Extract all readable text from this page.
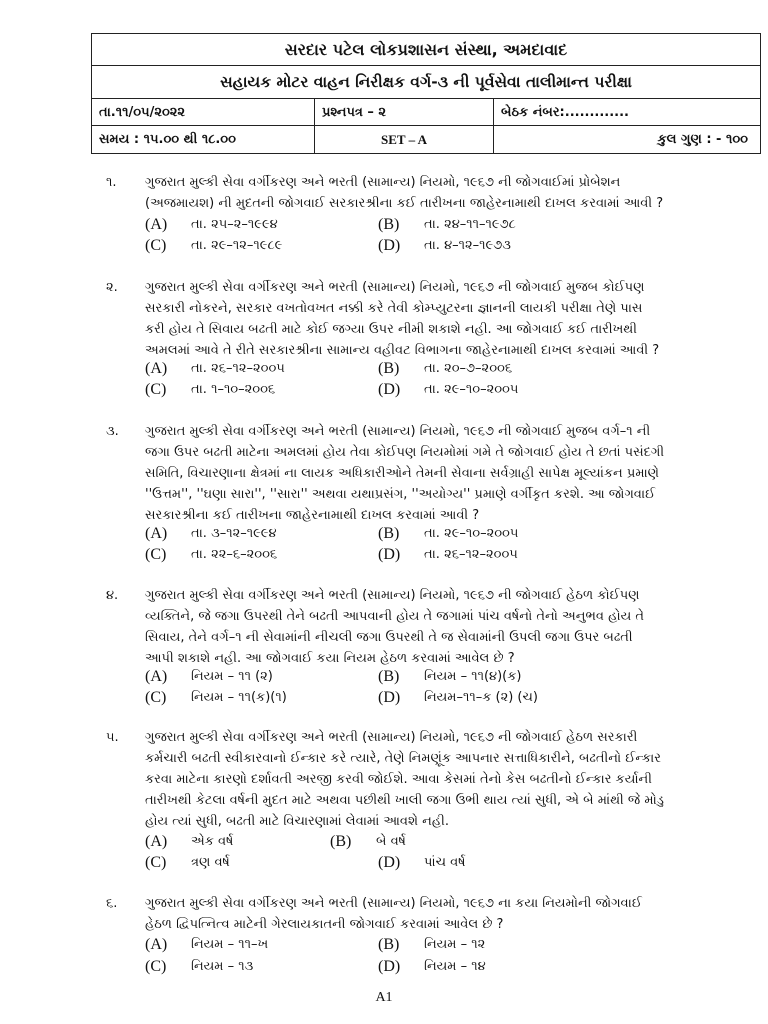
સરદાર પટેલ લોકપ્રશાસન સંસ્થા, અમદાવાદ
સહાયક મોટર વાહન નિરીક્ષક વર્ગ-૩ ની પૂર્વસેવા તાલીમાન્ત પરીક્ષા
તા.૧૧/૦૫/૨૦૨૨	પ્રશ્નપત્ર – ૨	બેઠક નંબર:.............
સમય : ૧૫.૦૦ થી ૧૮.૦૦	SET – A	કુલ ગુણ : - ૧૦૦
૧. ગુજરાત મુલ્કી સેવા વર્ગીકરણ અને ભરતી (સામાન્ય) નિયમો, ૧૯૬૭ ની જોગવાઈમાં પ્રોબેશન
(અજમાયશ) ની મુદતની જોગવાઈ સરકારશ્રીના કઈ તારીખના જાહેરનામાથી દાખલ કરવામાં આવી ?
(A)	તા. ૨૫–૨–૧૯૯૪	(B)	તા. ૨૪–૧૧–૧૯૭૮
(C)	તા. ૨૯–૧૨–૧૯૮૯	(D)	તા. ૪–૧૨–૧૯૭૩
૨. ગુજરાત મુલ્કી સેવા વર્ગીકરણ અને ભરતી (સામાન્ય) નિયમો, ૧૯૬૭ ની જોગવાઈ મુજબ કોઈપણ
સરકારી નોકરને, સરકાર વખતોવખત નક્કી કરે તેવી કોમ્પ્યુટરના જ્ઞાનની લાયકી પરીક્ષા તેણે પાસ
કરી હોય તે સિવાય બઢતી માટે કોઈ જગ્યા ઉપર નીમી શકાશે નહી. આ જોગવાઈ કઈ તારીખથી
અમલમાં આવે તે રીતે સરકારશ્રીના સામાન્ય વહીવટ વિભાગના જાહેરનામાથી દાખલ કરવામાં આવી ?
(A)	તા. ૨૬–૧૨–૨૦૦૫	(B)	તા. ૨૦–૭–૨૦૦૬
(C)	તા. ૧–૧૦–૨૦૦૬	(D)	તા. ૨૯–૧૦–૨૦૦૫
૩. ગુજરાત મુલ્કી સેવા વર્ગીકરણ અને ભરતી (સામાન્ય) નિયમો, ૧૯૬૭ ની જોગવાઈ મુજબ વર્ગ–૧ ની
જગા ઉપર બઢતી માટેના અમલમાં હોય તેવા કોઈપણ નિયમોમાં ગમે તે જોગવાઈ હોય તે છતાં પસંદગી
સમિતિ, વિચારણાના ક્ષેત્રમાં ના લાયક અધિકારીઓને તેમની સેવાના સર્વગ્રાહી સાપેક્ષ મૂલ્યાંકન પ્રમાણે
''ઉત્તમ'', ''ઘણા સારા'', ''સારા'' અથવા યથાપ્રસંગ, ''અયોગ્ય'' પ્રમાણે વર્ગીકૃત કરશે. આ જોગવાઈ
સરકારશ્રીના કઈ તારીખના જાહેરનામાથી દાખલ કરવામાં આવી ?
(A)	તા. ૩–૧૨–૧૯૯૪	(B)	તા. ૨૯–૧૦–૨૦૦૫
(C)	તા. ૨૨–૬–૨૦૦૬	(D)	તા. ૨૬–૧૨–૨૦૦૫
૪. ગુજરાત મુલ્કી સેવા વર્ગીકરણ અને ભરતી (સામાન્ય) નિયમો, ૧૯૬૭ ની જોગવાઈ હેઠળ કોઈપણ
વ્યક્તિને, જે જગા ઉપરથી તેને બઢતી આપવાની હોય તે જગામાં પાંચ વર્ષનો તેનો અનુભવ હોય તે
સિવાય, તેને વર્ગ–૧ ની સેવામાંની નીચલી જગા ઉપરથી તે જ સેવામાંની ઉપલી જગા ઉપર બઢતી
આપી શકાશે નહી. આ જોગવાઈ કયા નિયમ હેઠળ કરવામાં આવેલ છે ?
(A)	નિયમ – ૧૧ (૨)	(B)	નિયમ – ૧૧(૪)(ક)
(C)	નિયમ – ૧૧(ક)(૧)	(D)	નિયમ–૧૧–ક (૨) (ચ)
૫. ગુજરાત મુલ્કી સેવા વર્ગીકરણ અને ભરતી (સામાન્ય) નિયમો, ૧૯૬૭ ની જોગવાઈ હેઠળ સરકારી
કર્મચારી બઢતી સ્વીકારવાનો ઈન્કાર કરે ત્યારે, તેણે નિમણૂંક આપનાર સત્તાધિકારીને, બઢતીનો ઈન્કાર
કરવા માટેના કારણો દર્શાવતી અરજી કરવી જોઈશે. આવા કેસમાં તેનો કેસ બઢતીનો ઈન્કાર કર્યાની
તારીખથી કેટલા વર્ષની મુદત માટે અથવા પછીથી ખાલી જગા ઉભી થાય ત્યાં સુધી, એ બે માંથી જે મોડુ
હોય ત્યાં સુધી, બઢતી માટે વિચારણામાં લેવામાં આવશે નહી.
(A)	એક વર્ષ	(B)	બે વર્ષ
(C)	ત્રણ વર્ષ	(D)	પાંચ વર્ષ
૬. ગુજરાત મુલ્કી સેવા વર્ગીકરણ અને ભરતી (સામાન્ય) નિયમો, ૧૯૬૭ ના કયા નિયમોની જોગવાઈ
હેઠળ દ્વિપત્નિત્વ માટેની ગેરલાયકાતની જોગવાઈ કરવામાં આવેલ છે ?
(A)	નિયમ – ૧૧–ખ	(B)	નિયમ – ૧૨
(C)	નિયમ – ૧૩	(D)	નિયમ – ૧૪
A1
